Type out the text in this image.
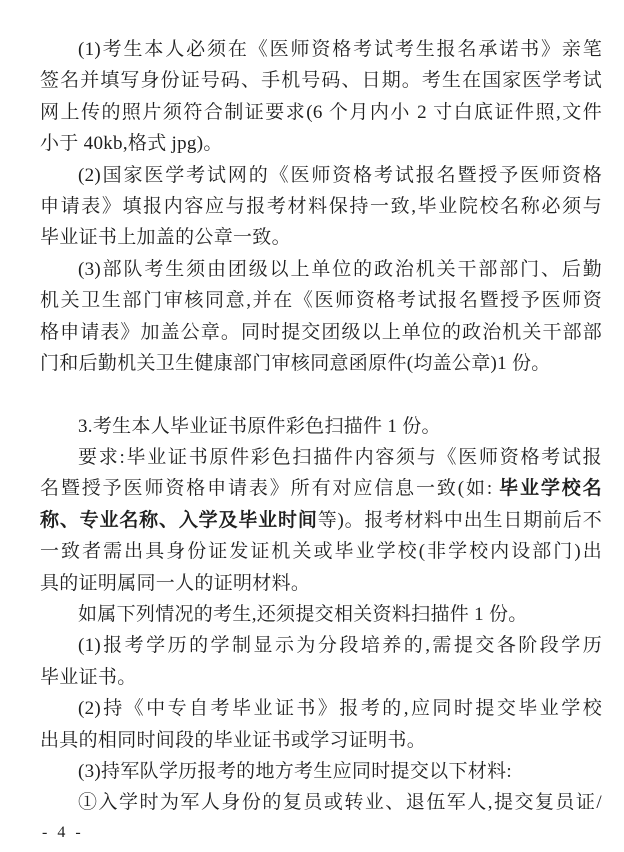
(1)考生本人必须在《医师资格考试考生报名承诺书》亲笔
签名并填写身份证号码、手机号码、日期。考生在国家医学考试
网上传的照片须符合制证要求(6 个月内小 2 寸白底证件照,文件
小于 40kb,格式 jpg)。
(2)国家医学考试网的《医师资格考试报名暨授予医师资格
申请表》填报内容应与报考材料保持一致,毕业院校名称必须与
毕业证书上加盖的公章一致。
(3)部队考生须由团级以上单位的政治机关干部部门、后勤
机关卫生部门审核同意,并在《医师资格考试报名暨授予医师资
格申请表》加盖公章。同时提交团级以上单位的政治机关干部部
门和后勤机关卫生健康部门审核同意函原件(均盖公章)1 份。
3.考生本人毕业证书原件彩色扫描件 1 份。
要求:毕业证书原件彩色扫描件内容须与《医师资格考试报
名暨授予医师资格申请表》所有对应信息一致(如: 毕业学校名
称、专业名称、入学及毕业时间等)。报考材料中出生日期前后不
一致者需出具身份证发证机关或毕业学校(非学校内设部门)出
具的证明属同一人的证明材料。
如属下列情况的考生,还须提交相关资料扫描件 1 份。
(1)报考学历的学制显示为分段培养的,需提交各阶段学历
毕业证书。
(2)持《中专自考毕业证书》报考的,应同时提交毕业学校
出具的相同时间段的毕业证书或学习证明书。
(3)持军队学历报考的地方考生应同时提交以下材料:
①入学时为军人身份的复员或转业、退伍军人,提交复员证/
- 4 -
